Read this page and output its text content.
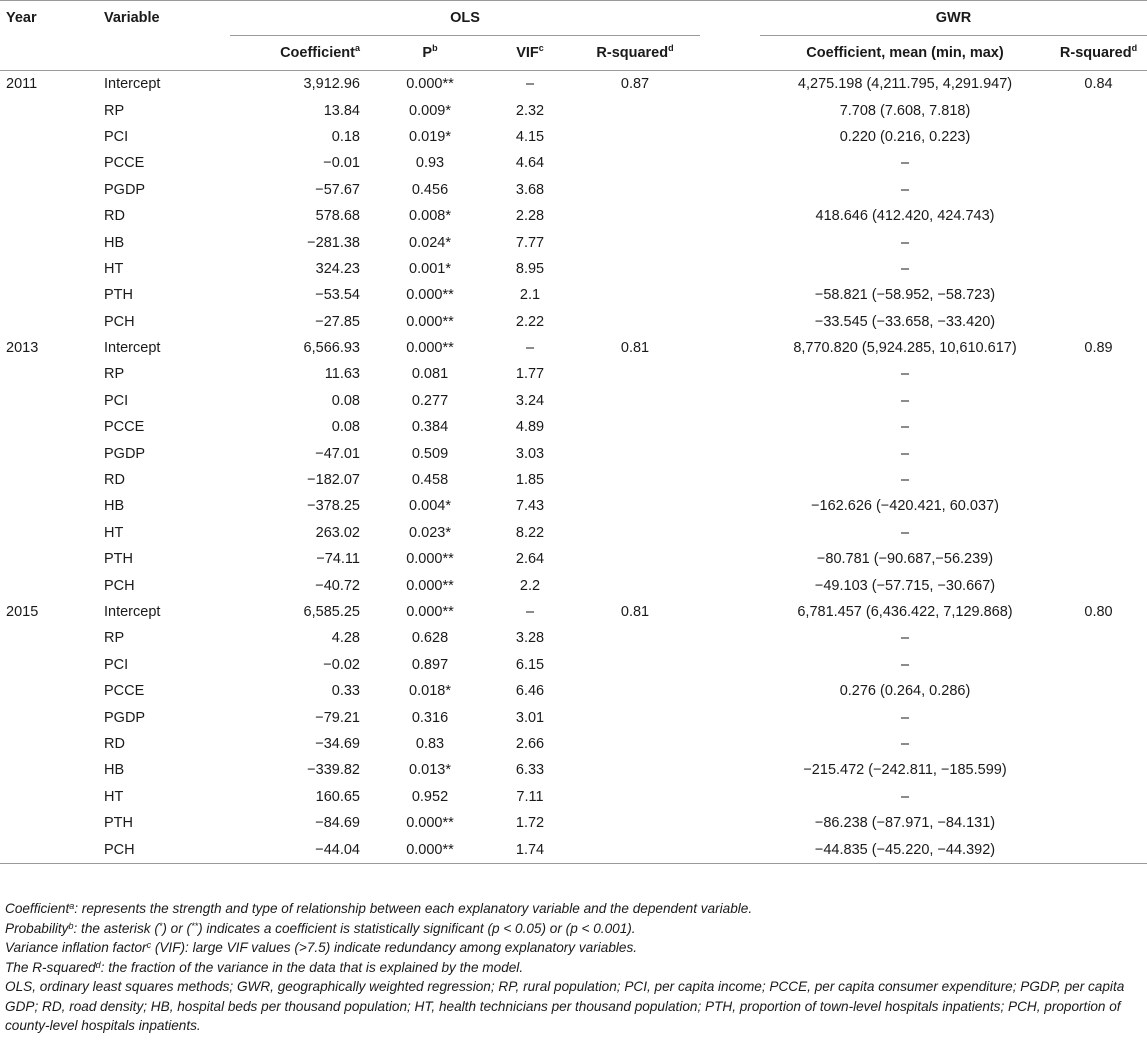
Year	Variable	OLS					GWR	
		Coefficient$^a$	$P^b$	VIF$^c$	R-squared$^d$		Coefficient, mean (min, max)	R-squared$^d$
2011	Intercept	3,912.96	0.000**	–	0.87		4,275.198 (4,211.795, 4,291.947)	0.84
	RP	13.84	0.009*	2.32			7.708 (7.608, 7.818)	
	PCI	0.18	0.019*	4.15			0.220 (0.216, 0.223)	
	PCCE	−0.01	0.93	4.64			–	
	PGDP	−57.67	0.456	3.68			–	
	RD	578.68	0.008*	2.28			418.646 (412.420, 424.743)	
	HB	−281.38	0.024*	7.77			–	
	HT	324.23	0.001*	8.95			–	
	PTH	−53.54	0.000**	2.1			−58.821 (−58.952, −58.723)	
	PCH	−27.85	0.000**	2.22			−33.545 (−33.658, −33.420)	
2013	Intercept	6,566.93	0.000**	–	0.81		8,770.820 (5,924.285, 10,610.617)	0.89
	RP	11.63	0.081	1.77			–	
	PCI	0.08	0.277	3.24			–	
	PCCE	0.08	0.384	4.89			–	
	PGDP	−47.01	0.509	3.03			–	
	RD	−182.07	0.458	1.85			–	
	HB	−378.25	0.004*	7.43			−162.626 (−420.421, 60.037)	
	HT	263.02	0.023*	8.22			–	
	PTH	−74.11	0.000**	2.64			−80.781 (−90.687,−56.239)	
	PCH	−40.72	0.000**	2.2			−49.103 (−57.715, −30.667)	
2015	Intercept	6,585.25	0.000**	–	0.81		6,781.457 (6,436.422, 7,129.868)	0.80
	RP	4.28	0.628	3.28			–	
	PCI	−0.02	0.897	6.15			–	
	PCCE	0.33	0.018*	6.46			0.276 (0.264, 0.286)	
	PGDP	−79.21	0.316	3.01			–	
	RD	−34.69	0.83	2.66			–	
	HB	−339.82	0.013*	6.33			−215.472 (−242.811, −185.599)	
	HT	160.65	0.952	7.11			–	
	PTH	−84.69	0.000**	1.72			−86.238 (−87.971, −84.131)	
	PCH	−44.04	0.000**	1.74			−44.835 (−45.220, −44.392)	

Coefficient$^a$: represents the strength and type of relationship between each explanatory variable and the dependent variable.

Probability$^b$: the asterisk (*) or (**) indicates a coefficient is statistically significant (p < 0.05) or (p < 0.001).

Variance inflation factor$^c$ (VIF): large VIF values (>7.5) indicate redundancy among explanatory variables.

The R-squared$^d$: the fraction of the variance in the data that is explained by the model.

OLS, ordinary least squares methods; GWR, geographically weighted regression; RP, rural population; PCI, per capita income; PCCE, per capita consumer expenditure; PGDP, per capita GDP; RD, road density; HB, hospital beds per thousand population; HT, health technicians per thousand population; PTH, proportion of town-level hospitals inpatients; PCH, proportion of county-level hospitals inpatients.
